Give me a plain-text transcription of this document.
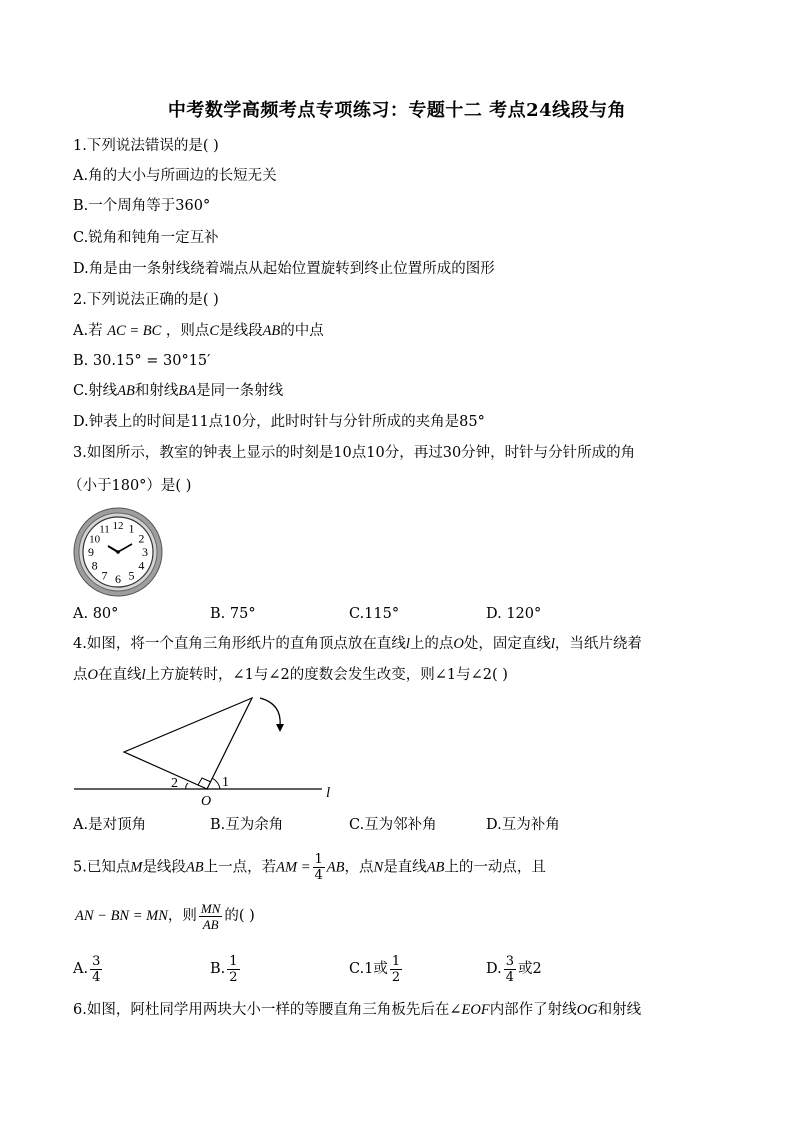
中考数学高频考点专项练习：专题十二 考点24线段与角
1.下列说法错误的是( )
A.角的大小与所画边的长短无关
B.一个周角等于360°
C.锐角和钝角一定互补
D.角是由一条射线绕着端点从起始位置旋转到终止位置所成的图形
2.下列说法正确的是( )
A.若 AC = BC ，则点C是线段AB的中点
B. 30.15° = 30°15′
C.射线AB和射线BA是同一条射线
D.钟表上的时间是11点10分，此时时针与分针所成的夹角是85°
3.如图所示，教室的钟表上显示的时刻是10点10分，再过30分钟，时针与分针所成的角
（小于180°）是( )
12 1
2
3
4
5
6
7
8
9
10
11
A. 80°	B. 75°	C.115°	D. 120°
4.如图，将一个直角三角形纸片的直角顶点放在直线l上的点O处，固定直线l，当纸片绕着
点O在直线l上方旋转时，∠1与∠2的度数会发生改变，则∠1与∠2( )
2	1
O
l
A.是对顶角	B.互为余角	C.互为邻补角	D.互为补角
5.已知点M是线段AB上一点，若AM = $\frac{1}{4}$ AB，点N是直线AB上的一动点，且
AN − BN = MN，则 $\frac{MN}{AB}$ 的( )
A. $\frac{3}{4}$	B. $\frac{1}{2}$	C.1或 $\frac{1}{2}$	D. $\frac{3}{4}$ 或2
6.如图，阿杜同学用两块大小一样的等腰直角三角板先后在∠EOF内部作了射线OG和射线
